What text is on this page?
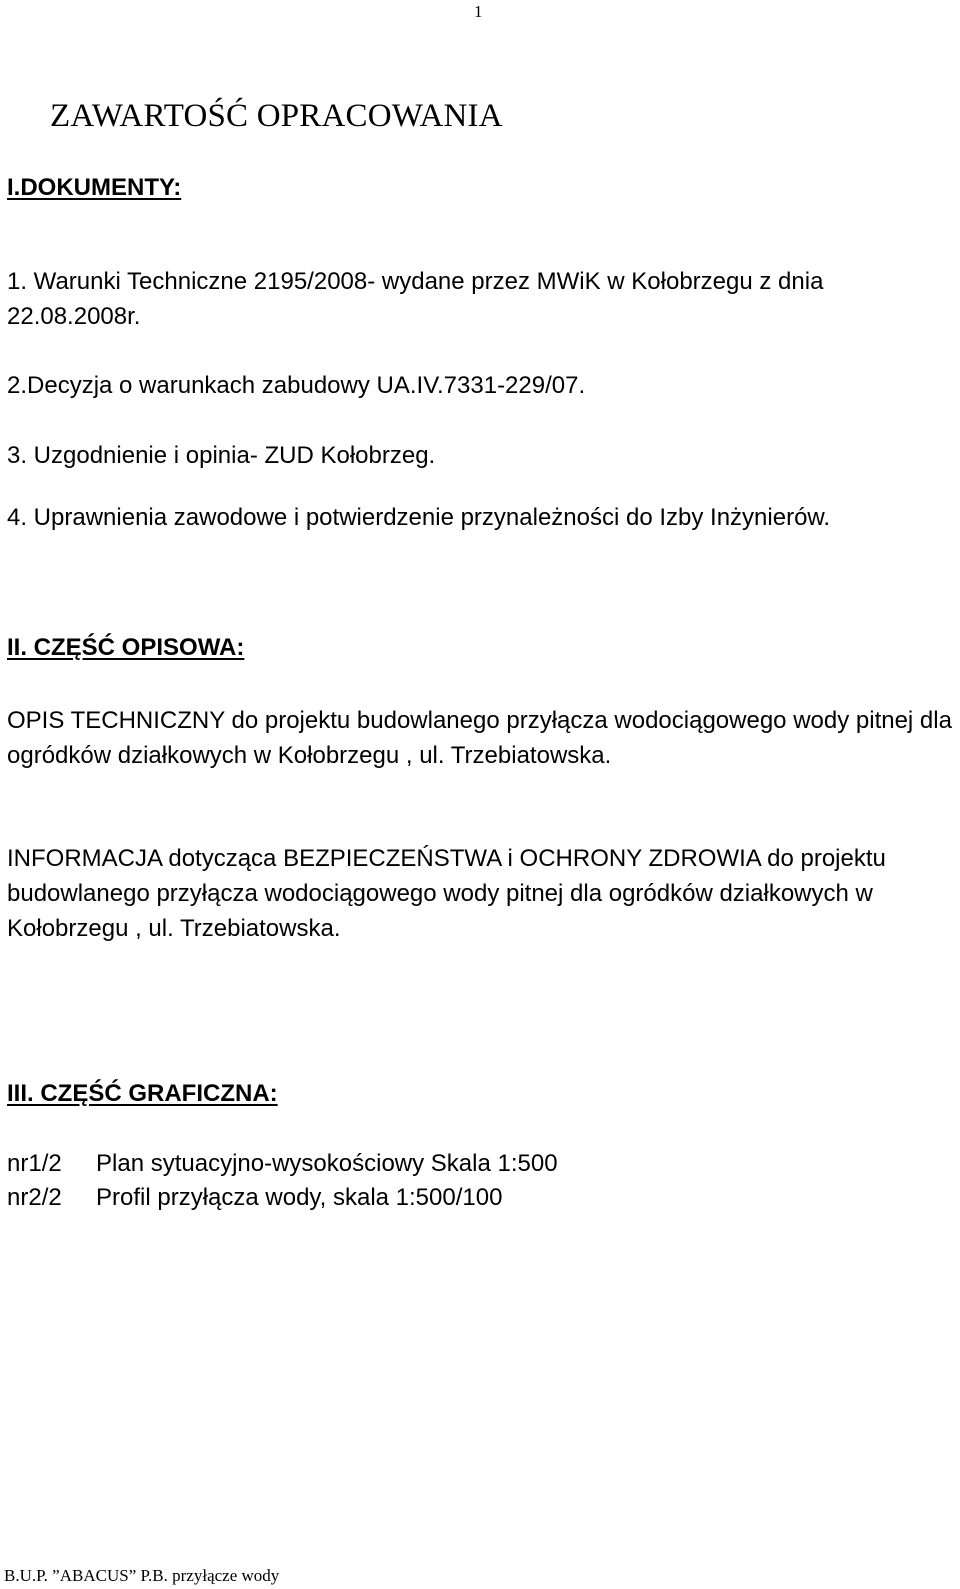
1
ZAWARTOŚĆ OPRACOWANIA
I.DOKUMENTY:

1. Warunki Techniczne 2195/2008- wydane przez MWiK w Kołobrzegu z dnia 22.08.2008r.

2.Decyzja o warunkach zabudowy UA.IV.7331-229/07.

3. Uzgodnienie i opinia- ZUD Kołobrzeg.

4. Uprawnienia zawodowe i potwierdzenie przynależności do Izby Inżynierów.

II. CZĘŚĆ OPISOWA:

OPIS TECHNICZNY do projektu budowlanego przyłącza wodociągowego wody pitnej dla ogródków działkowych w Kołobrzegu , ul. Trzebiatowska.

INFORMACJA dotycząca BEZPIECZEŃSTWA i OCHRONY ZDROWIA do projektu budowlanego przyłącza wodociągowego wody pitnej dla ogródków działkowych w Kołobrzegu , ul. Trzebiatowska.

III. CZĘŚĆ GRAFICZNA:
nr1/2 Plan sytuacyjno-wysokościowy Skala 1:500
nr2/2 Profil przyłącza wody, skala 1:500/100
B.U.P. ”ABACUS” P.B. przyłącze wody
